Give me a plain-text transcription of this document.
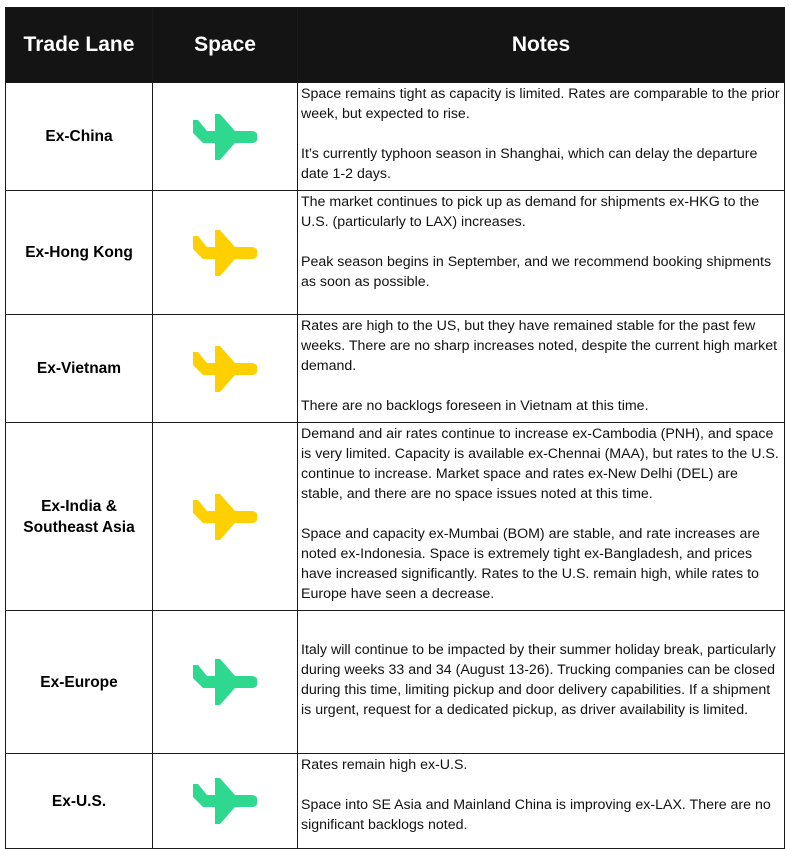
Trade Lane	Space	Notes
Ex-China		Space remains tight as capacity is limited. Rates are comparable to the prior week, but expected to rise.

It’s currently typhoon season in Shanghai, which can delay the departure date 1-2 days.

Ex-Hong Kong		The market continues to pick up as demand for shipments ex-HKG to the U.S. (particularly to LAX) increases.

Peak season begins in September, and we recommend booking shipments as soon as possible.

Ex-Vietnam		Rates are high to the US, but they have remained stable for the past few weeks. There are no sharp increases noted, despite the current high market demand.

There are no backlogs foreseen in Vietnam at this time.

Ex-India & Southeast Asia		Demand and air rates continue to increase ex-Cambodia (PNH), and space is very limited. Capacity is available ex-Chennai (MAA), but rates to the U.S. continue to increase. Market space and rates ex-New Delhi (DEL) are stable, and there are no space issues noted at this time.

Space and capacity ex-Mumbai (BOM) are stable, and rate increases are noted ex-Indonesia. Space is extremely tight ex-Bangladesh, and prices have increased significantly. Rates to the U.S. remain high, while rates to Europe have seen a decrease.

Ex-Europe		Italy will continue to be impacted by their summer holiday break, particularly during weeks 33 and 34 (August 13-26). Trucking companies can be closed during this time, limiting pickup and door delivery capabilities. If a shipment is urgent, request for a dedicated pickup, as driver availability is limited.

Ex-U.S.		Rates remain high ex-U.S.

Space into SE Asia and Mainland China is improving ex-LAX. There are no significant backlogs noted.
